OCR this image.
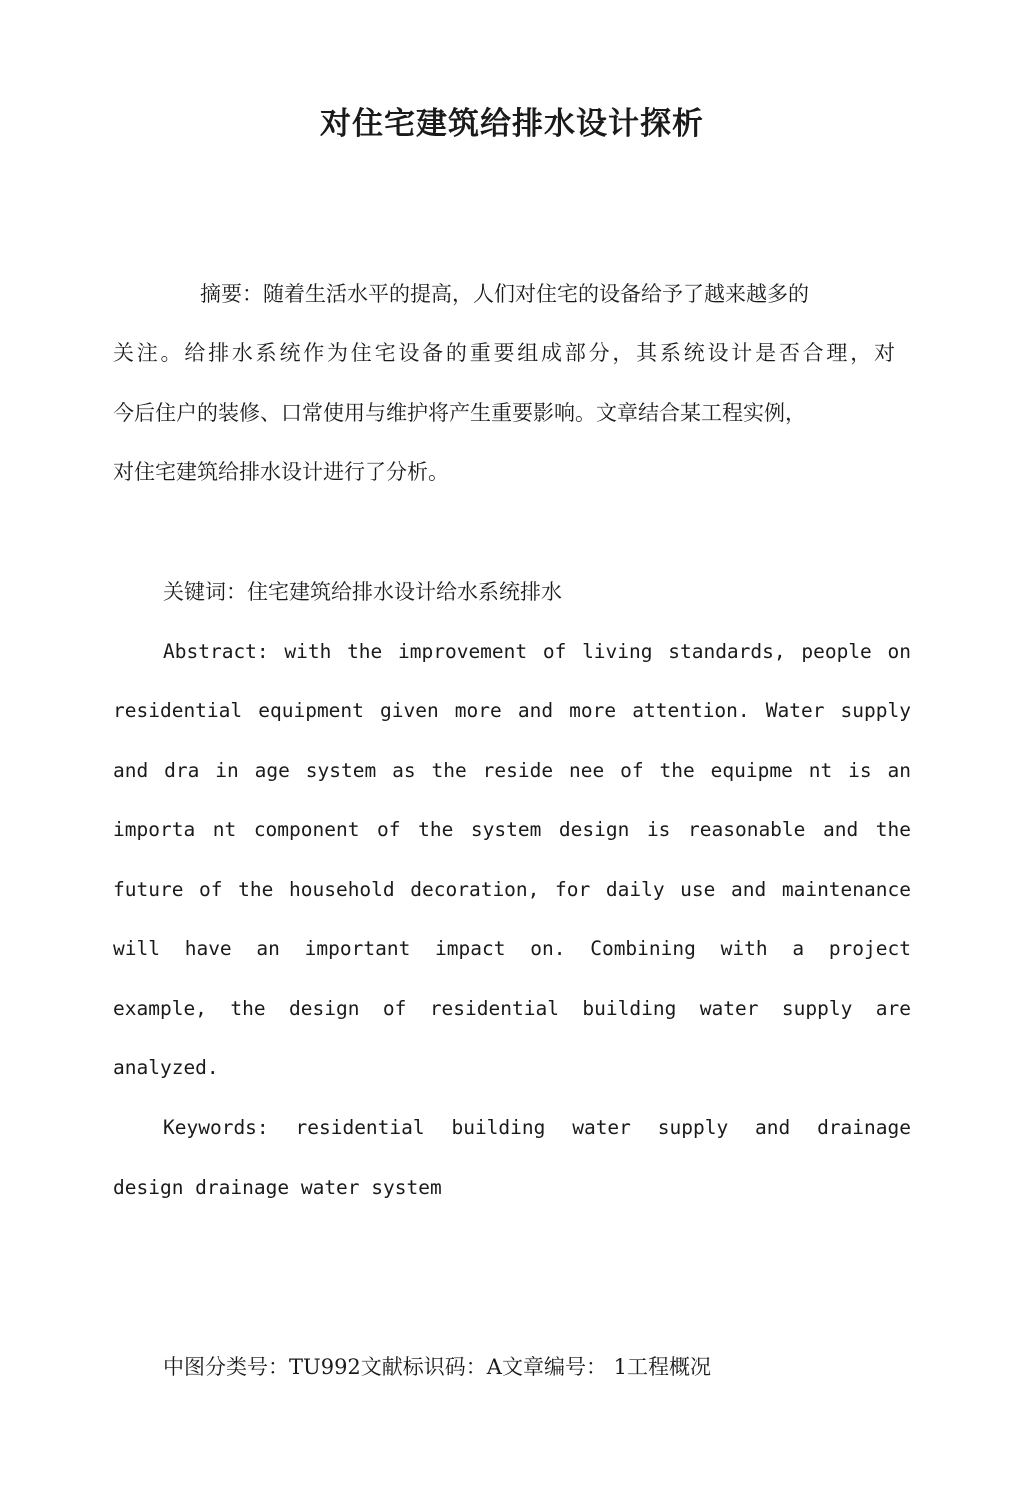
对住宅建筑给排水设计探析

摘要：随着生活水平的提高，人们对住宅的设备给予了越来越多的

关注。给排水系统作为住宅设备的重要组成部分，其系统设计是否合理，对

今后住户的装修、口常使用与维护将产生重要影响。文章结合某工程实例，

对住宅建筑给排水设计进行了分析。

关键词：住宅建筑给排水设计给水系统排水

Abstract: with the improvement of living standards, people on

residential equipment given more and more attention. Water supply

and dra in age system as the reside nee of the equipme nt is an

importa nt component of the system design is reasonable and the

future of the household decoration, for daily use and maintenance

will have an important impact on. Combining with a project

example, the design of residential building water supply are

analyzed.

Keywords: residential building water supply and drainage

design drainage water system

中图分类号：TU992文献标识码：A文章编号： 1工程概况
